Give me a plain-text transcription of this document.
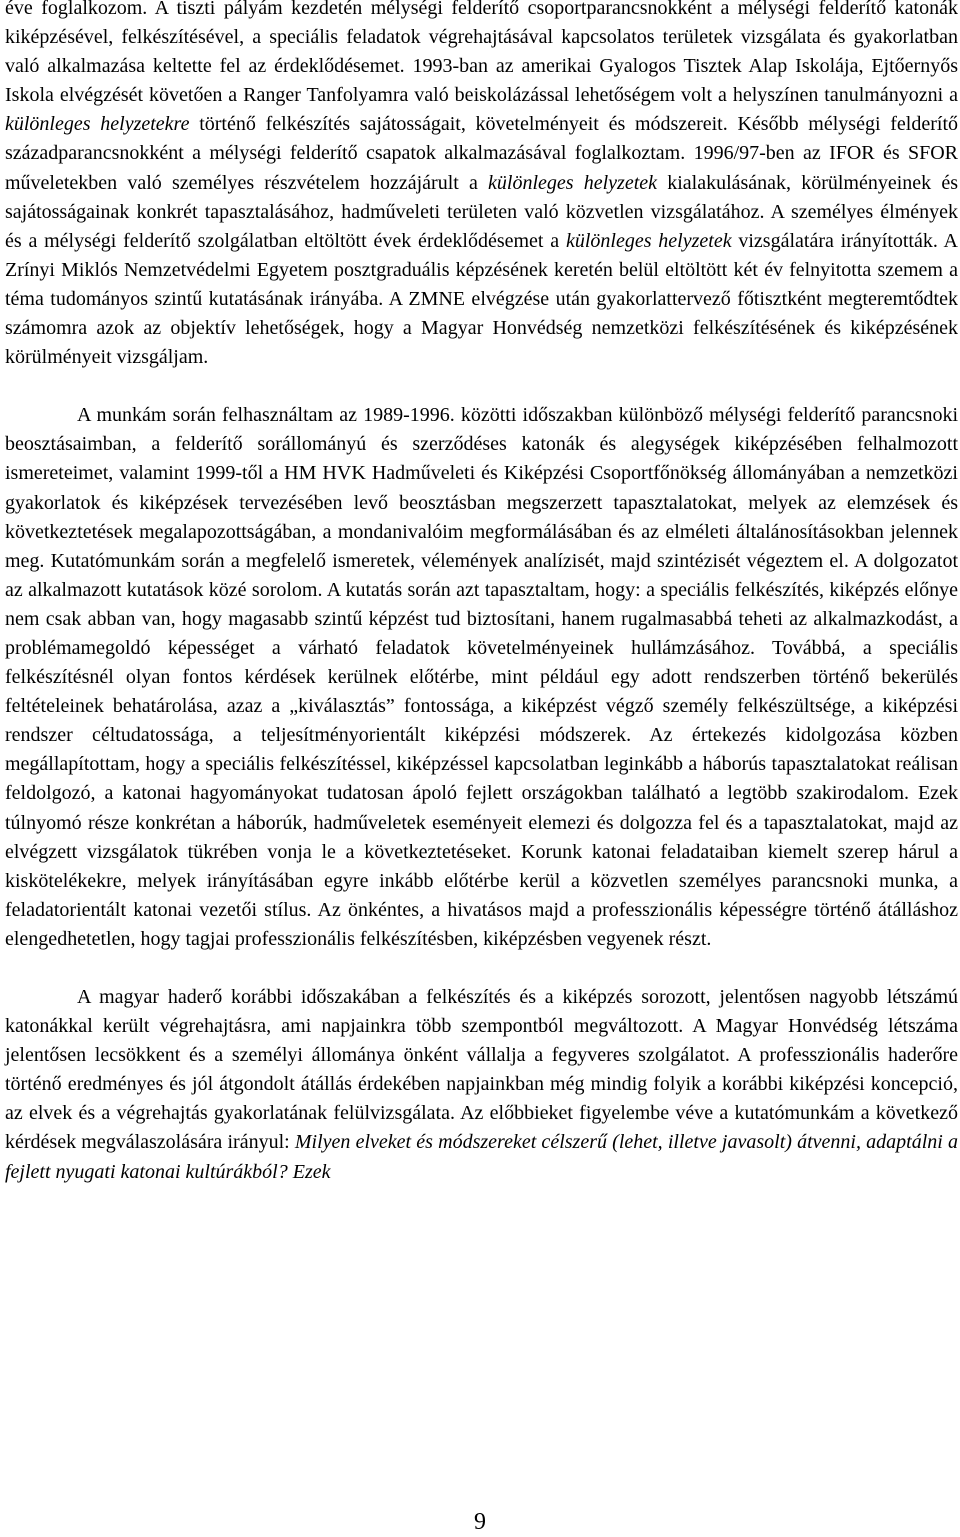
éve foglalkozom. A tiszti pályám kezdetén mélységi felderítő csoportparancsnokként a mélységi felderítő katonák kiképzésével, felkészítésével, a speciális feladatok végrehajtásával kapcsolatos területek vizsgálata és gyakorlatban való alkalmazása keltette fel az érdeklődésemet. 1993-ban az amerikai Gyalogos Tisztek Alap Iskolája, Ejtőernyős Iskola elvégzését követően a Ranger Tanfolyamra való beiskolázással lehetőségem volt a helyszínen tanulmányozni a különleges helyzetekre történő felkészítés sajátosságait, követelményeit és módszereit. Később mélységi felderítő századparancsnokként a mélységi felderítő csapatok alkalmazásával foglalkoztam. 1996/97-ben az IFOR és SFOR műveletekben való személyes részvételem hozzájárult a különleges helyzetek kialakulásának, körülményeinek és sajátosságainak konkrét tapasztalásához, hadműveleti területen való közvetlen vizsgálatához. A személyes élmények és a mélységi felderítő szolgálatban eltöltött évek érdeklődésemet a különleges helyzetek vizsgálatára irányították. A Zrínyi Miklós Nemzetvédelmi Egyetem posztgraduális képzésének keretén belül eltöltött két év felnyitotta szemem a téma tudományos szintű kutatásának irányába. A ZMNE elvégzése után gyakorlattervező főtisztként megteremtődtek számomra azok az objektív lehetőségek, hogy a Magyar Honvédség nemzetközi felkészítésének és kiképzésének körülményeit vizsgáljam.

A munkám során felhasználtam az 1989-1996. közötti időszakban különböző mélységi felderítő parancsnoki beosztásaimban, a felderítő sorállományú és szerződéses katonák és alegységek kiképzésében felhalmozott ismereteimet, valamint 1999-től a HM HVK Hadműveleti és Kiképzési Csoportfőnökség állományában a nemzetközi gyakorlatok és kiképzések tervezésében levő beosztásban megszerzett tapasztalatokat, melyek az elemzések és következtetések megalapozottságában, a mondanivalóim megformálásában és az elméleti általánosításokban jelennek meg. Kutatómunkám során a megfelelő ismeretek, vélemények analízisét, majd szintézisét végeztem el. A dolgozatot az alkalmazott kutatások közé sorolom. A kutatás során azt tapasztaltam, hogy: a speciális felkészítés, kiképzés előnye nem csak abban van, hogy magasabb szintű képzést tud biztosítani, hanem rugalmasabbá teheti az alkalmazkodást, a problémamegoldó képességet a várható feladatok követelményeinek hullámzásához. Továbbá, a speciális felkészítésnél olyan fontos kérdések kerülnek előtérbe, mint például egy adott rendszerben történő bekerülés feltételeinek behatárolása, azaz a „kiválasztás” fontossága, a kiképzést végző személy felkészültsége, a kiképzési rendszer céltudatossága, a teljesítményorientált kiképzési módszerek. Az értekezés kidolgozása közben megállapítottam, hogy a speciális felkészítéssel, kiképzéssel kapcsolatban leginkább a háborús tapasztalatokat reálisan feldolgozó, a katonai hagyományokat tudatosan ápoló fejlett országokban található a legtöbb szakirodalom. Ezek túlnyomó része konkrétan a háborúk, hadműveletek eseményeit elemezi és dolgozza fel és a tapasztalatokat, majd az elvégzett vizsgálatok tükrében vonja le a következtetéseket. Korunk katonai feladataiban kiemelt szerep hárul a kiskötelékekre, melyek irányításában egyre inkább előtérbe kerül a közvetlen személyes parancsnoki munka, a feladatorientált katonai vezetői stílus. Az önkéntes, a hivatásos majd a professzionális képességre történő átálláshoz elengedhetetlen, hogy tagjai professzionális felkészítésben, kiképzésben vegyenek részt.

A magyar haderő korábbi időszakában a felkészítés és a kiképzés sorozott, jelentősen nagyobb létszámú katonákkal került végrehajtásra, ami napjainkra több szempontból megváltozott. A Magyar Honvédség létszáma jelentősen lecsökkent és a személyi állománya önként vállalja a fegyveres szolgálatot. A professzionális haderőre történő eredményes és jól átgondolt átállás érdekében napjainkban még mindig folyik a korábbi kiképzési koncepció, az elvek és a végrehajtás gyakorlatának felülvizsgálata. Az előbbieket figyelembe véve a kutatómunkám a következő kérdések megválaszolására irányul: Milyen elveket és módszereket célszerű (lehet, illetve javasolt) átvenni, adaptálni a fejlett nyugati katonai kultúrákból? Ezek

9
